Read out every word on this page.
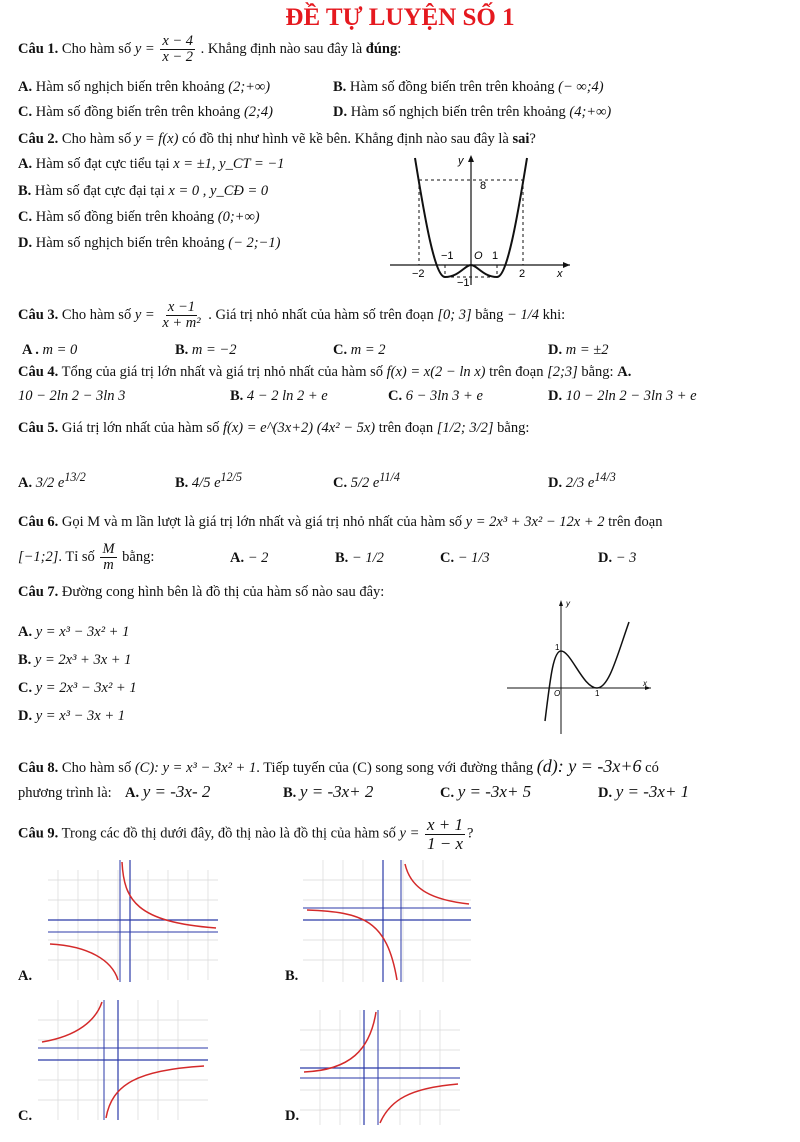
ĐỀ TỰ LUYỆN SỐ 1
Câu 1. Cho hàm số $y = \frac{x - 4}{x - 2}$ . Khẳng định nào sau đây là đúng:
A. Hàm số nghịch biến trên khoảng (2;+∞)	B. Hàm số đồng biến trên trên khoảng (− ∞;4)
C. Hàm số đồng biến trên trên khoảng (2;4)	D. Hàm số nghịch biến trên trên khoảng (4;+∞)
Câu 2. Cho hàm số y = f(x) có đồ thị như hình vẽ kề bên. Khẳng định nào sau đây là sai?
A. Hàm số đạt cực tiểu tại x = ±1, y_CT = −1
B. Hàm số đạt cực đại tại x = 0 , y_CĐ = 0
C. Hàm số đồng biến trên khoảng (0;+∞)
D. Hàm số nghịch biến trên khoảng (− 2;−1)
8
−1 O 1
−2	2
−1
y
x
Câu 3. Cho hàm số $y = \frac{x -1}{\text{x + m²}}$ . Giá trị nhỏ nhất của hàm số trên đoạn [0; 3] bằng − 1/4 khi:
A . m = 0	B. m = −2	C. m = 2	D. m = ±2
Câu 4. Tổng của giá trị lớn nhất và giá trị nhỏ nhất của hàm số f(x) = x(2 − ln x) trên đoạn [2;3] bằng: A.
10 − 2ln 2 − 3ln 3	B. 4 − 2 ln 2 + e	C. 6 − 3ln 3 + e	D. 10 − 2ln 2 − 3ln 3 + e
Câu 5. Giá trị lớn nhất của hàm số f(x) = e^(3x+2) (4x² − 5x) trên đoạn [1/2; 3/2] bằng:
A. 3/2 $e^{13/2}$	B. 4/5 $e^{12/5}$	C. 5/2 $e^{11/4}$	D. 2/3 $e^{14/3}$
Câu 6. Gọi M và m lần lượt là giá trị lớn nhất và giá trị nhỏ nhất của hàm số y = 2x³ + 3x² − 12x + 2 trên đoạn
[−1;2]. Tỉ số $\frac{M}{m}$ bằng:	A. − 2	B. − 1/2	C. − 1/3	D. − 3
Câu 7. Đường cong hình bên là đồ thị của hàm số nào sau đây:
A. y = x³ − 3x² + 1
B. y = 2x³ + 3x + 1
C. y = 2x³ − 3x² + 1
D. y = x³ − 3x + 1
1
O	1
y
x
Câu 8. Cho hàm số (C): y = x³ − 3x² + 1. Tiếp tuyến của (C) song song với đường thẳng (d): y = -3x+6 có
phương trình là: A. y = -3x- 2	B. y = -3x+ 2	C. y = -3x+ 5	D. y = -3x+ 1
Câu 9. Trong các đồ thị dưới đây, đồ thị nào là đồ thị của hàm số $y = \frac{x + 1}{1 - x}$ ?
A.	B.
C.	D.
